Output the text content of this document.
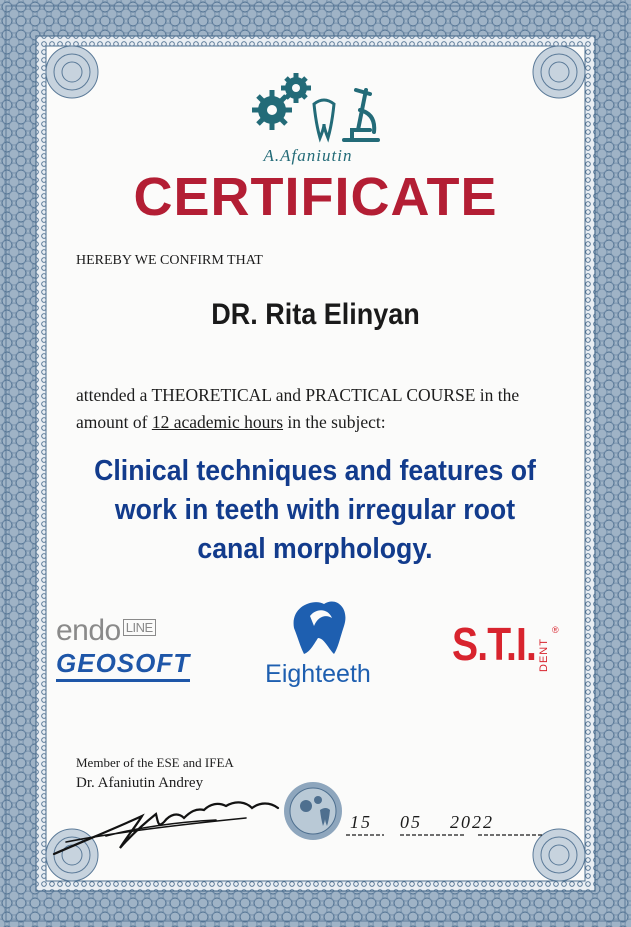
A.Afaniutin
CERTIFICATE
HEREBY WE CONFIRM THAT
DR. Rita Elinyan
attended a THEORETICAL and PRACTICAL COURSE in the
amount of 12 academic hours in the subject:
Clinical techniques and features of
work in teeth with irregular root
canal morphology.
endo $^{LINE}$
GEOSOFT	Eighteeth
S.T.I. DENT
®
Member of the ESE and IFEA
Dr. Afaniutin Andrey
15 05 2022
